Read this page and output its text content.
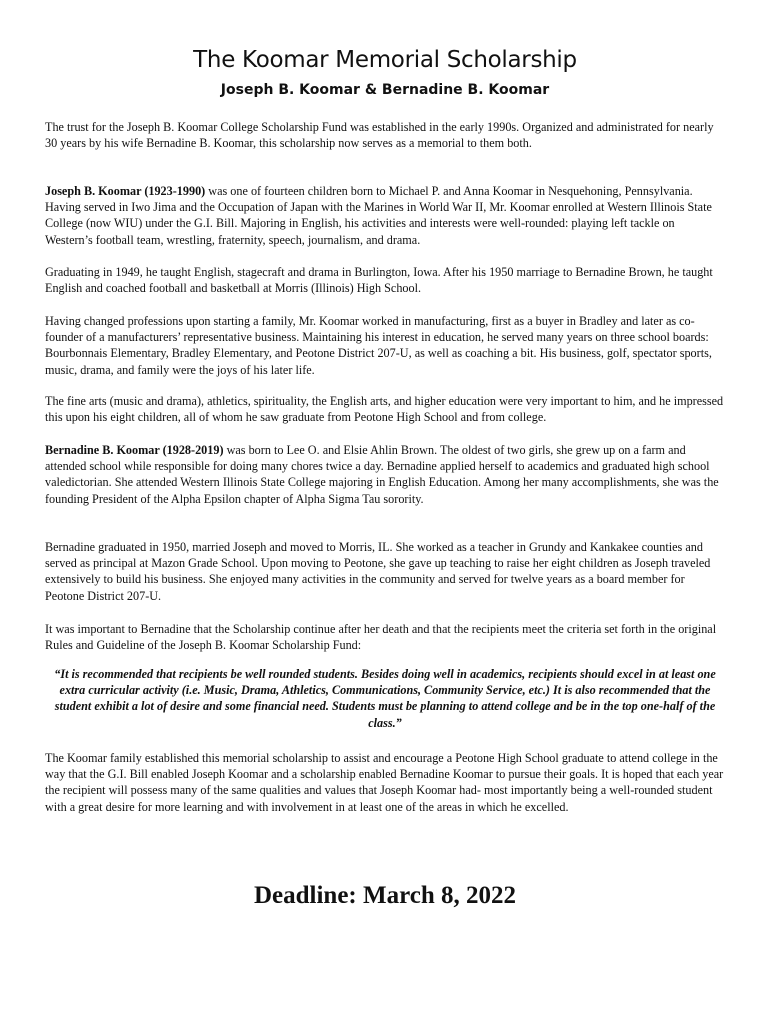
The Koomar Memorial Scholarship
Joseph B. Koomar & Bernadine B. Koomar

The trust for the Joseph B. Koomar College Scholarship Fund was established in the early 1990s. Organized and administrated for nearly 30 years by his wife Bernadine B. Koomar, this scholarship now serves as a memorial to them both.

Joseph B. Koomar (1923-1990) was one of fourteen children born to Michael P. and Anna Koomar in Nesquehoning, Pennsylvania. Having served in Iwo Jima and the Occupation of Japan with the Marines in World War II, Mr. Koomar enrolled at Western Illinois State College (now WIU) under the G.I. Bill. Majoring in English, his activities and interests were well-rounded: playing left tackle on Western’s football team, wrestling, fraternity, speech, journalism, and drama.

Graduating in 1949, he taught English, stagecraft and drama in Burlington, Iowa. After his 1950 marriage to Bernadine Brown, he taught English and coached football and basketball at Morris (Illinois) High School.

Having changed professions upon starting a family, Mr. Koomar worked in manufacturing, first as a buyer in Bradley and later as co-founder of a manufacturers’ representative business. Maintaining his interest in education, he served many years on three school boards: Bourbonnais Elementary, Bradley Elementary, and Peotone District 207-U, as well as coaching a bit. His business, golf, spectator sports, music, drama, and family were the joys of his later life.

The fine arts (music and drama), athletics, spirituality, the English arts, and higher education were very important to him, and he impressed this upon his eight children, all of whom he saw graduate from Peotone High School and from college.

Bernadine B. Koomar (1928-2019) was born to Lee O. and Elsie Ahlin Brown. The oldest of two girls, she grew up on a farm and attended school while responsible for doing many chores twice a day. Bernadine applied herself to academics and graduated high school valedictorian. She attended Western Illinois State College majoring in English Education. Among her many accomplishments, she was the founding President of the Alpha Epsilon chapter of Alpha Sigma Tau sorority.

Bernadine graduated in 1950, married Joseph and moved to Morris, IL. She worked as a teacher in Grundy and Kankakee counties and served as principal at Mazon Grade School. Upon moving to Peotone, she gave up teaching to raise her eight children as Joseph traveled extensively to build his business. She enjoyed many activities in the community and served for twelve years as a board member for Peotone District 207-U.

It was important to Bernadine that the Scholarship continue after her death and that the recipients meet the criteria set forth in the original Rules and Guideline of the Joseph B. Koomar Scholarship Fund:

“It is recommended that recipients be well rounded students. Besides doing well in academics, recipients should excel in at least one extra curricular activity (i.e. Music, Drama, Athletics, Communications, Community Service, etc.) It is also recommended that the student exhibit a lot of desire and some financial need. Students must be planning to attend college and be in the top one-half of the class.”

The Koomar family established this memorial scholarship to assist and encourage a Peotone High School graduate to attend college in the way that the G.I. Bill enabled Joseph Koomar and a scholarship enabled Bernadine Koomar to pursue their goals. It is hoped that each year the recipient will possess many of the same qualities and values that Joseph Koomar had- most importantly being a well-rounded student with a great desire for more learning and with involvement in at least one of the areas in which he excelled.

Deadline: March 8, 2022
